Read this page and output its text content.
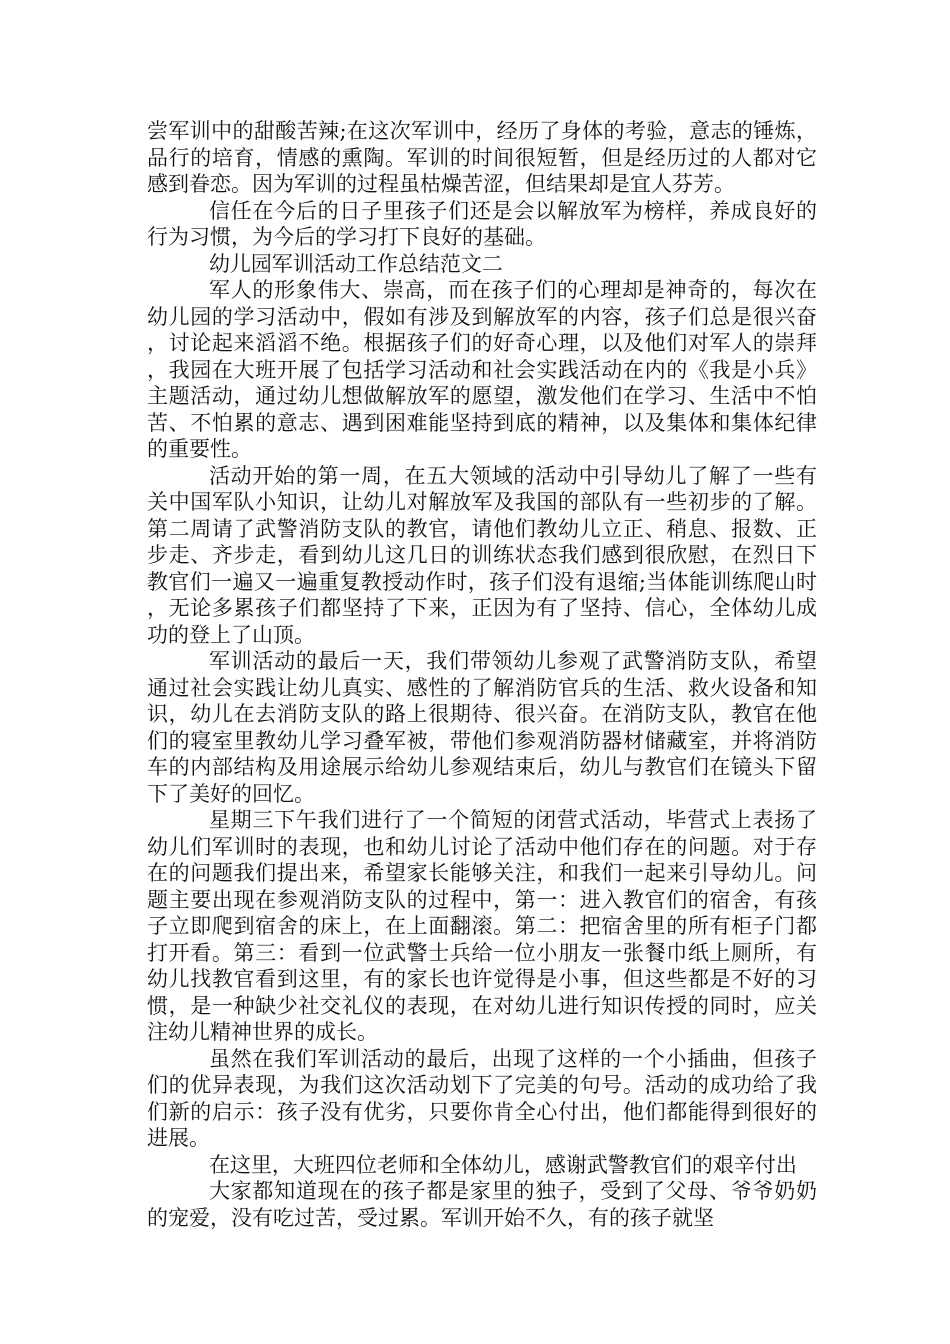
尝军训中的甜酸苦辣;在这次军训中，经历了身体的考验，意志的锤炼，品行的培育，情感的熏陶。军训的时间很短暂，但是经历过的人都对它感到眷恋。因为军训的过程虽枯燥苦涩，但结果却是宜人芬芳。

信任在今后的日子里孩子们还是会以解放军为榜样，养成良好的行为习惯，为今后的学习打下良好的基础。

幼儿园军训活动工作总结范文二

军人的形象伟大、崇高，而在孩子们的心理却是神奇的，每次在幼儿园的学习活动中，假如有涉及到解放军的内容，孩子们总是很兴奋，讨论起来滔滔不绝。根据孩子们的好奇心理，以及他们对军人的崇拜，我园在大班开展了包括学习活动和社会实践活动在内的《我是小兵》主题活动，通过幼儿想做解放军的愿望，激发他们在学习、生活中不怕苦、不怕累的意志、遇到困难能坚持到底的精神，以及集体和集体纪律的重要性。

活动开始的第一周，在五大领域的活动中引导幼儿了解了一些有关中国军队小知识，让幼儿对解放军及我国的部队有一些初步的了解。第二周请了武警消防支队的教官，请他们教幼儿立正、稍息、报数、正步走、齐步走，看到幼儿这几日的训练状态我们感到很欣慰，在烈日下教官们一遍又一遍重复教授动作时，孩子们没有退缩;当体能训练爬山时，无论多累孩子们都坚持了下来，正因为有了坚持、信心，全体幼儿成功的登上了山顶。

军训活动的最后一天，我们带领幼儿参观了武警消防支队，希望通过社会实践让幼儿真实、感性的了解消防官兵的生活、救火设备和知识，幼儿在去消防支队的路上很期待、很兴奋。在消防支队，教官在他们的寝室里教幼儿学习叠军被，带他们参观消防器材储藏室，并将消防车的内部结构及用途展示给幼儿参观结束后，幼儿与教官们在镜头下留下了美好的回忆。

星期三下午我们进行了一个简短的闭营式活动，毕营式上表扬了幼儿们军训时的表现，也和幼儿讨论了活动中他们存在的问题。对于存在的问题我们提出来，希望家长能够关注，和我们一起来引导幼儿。问题主要出现在参观消防支队的过程中，第一：进入教官们的宿舍，有孩子立即爬到宿舍的床上，在上面翻滚。第二：把宿舍里的所有柜子门都打开看。第三：看到一位武警士兵给一位小朋友一张餐巾纸上厕所，有幼儿找教官看到这里，有的家长也许觉得是小事，但这些都是不好的习惯，是一种缺少社交礼仪的表现，在对幼儿进行知识传授的同时，应关注幼儿精神世界的成长。

虽然在我们军训活动的最后，出现了这样的一个小插曲，但孩子们的优异表现，为我们这次活动划下了完美的句号。活动的成功给了我们新的启示：孩子没有优劣，只要你肯全心付出，他们都能得到很好的进展。

在这里，大班四位老师和全体幼儿，感谢武警教官们的艰辛付出

大家都知道现在的孩子都是家里的独子，受到了父母、爷爷奶奶的宠爱，没有吃过苦，受过累。军训开始不久，有的孩子就坚
